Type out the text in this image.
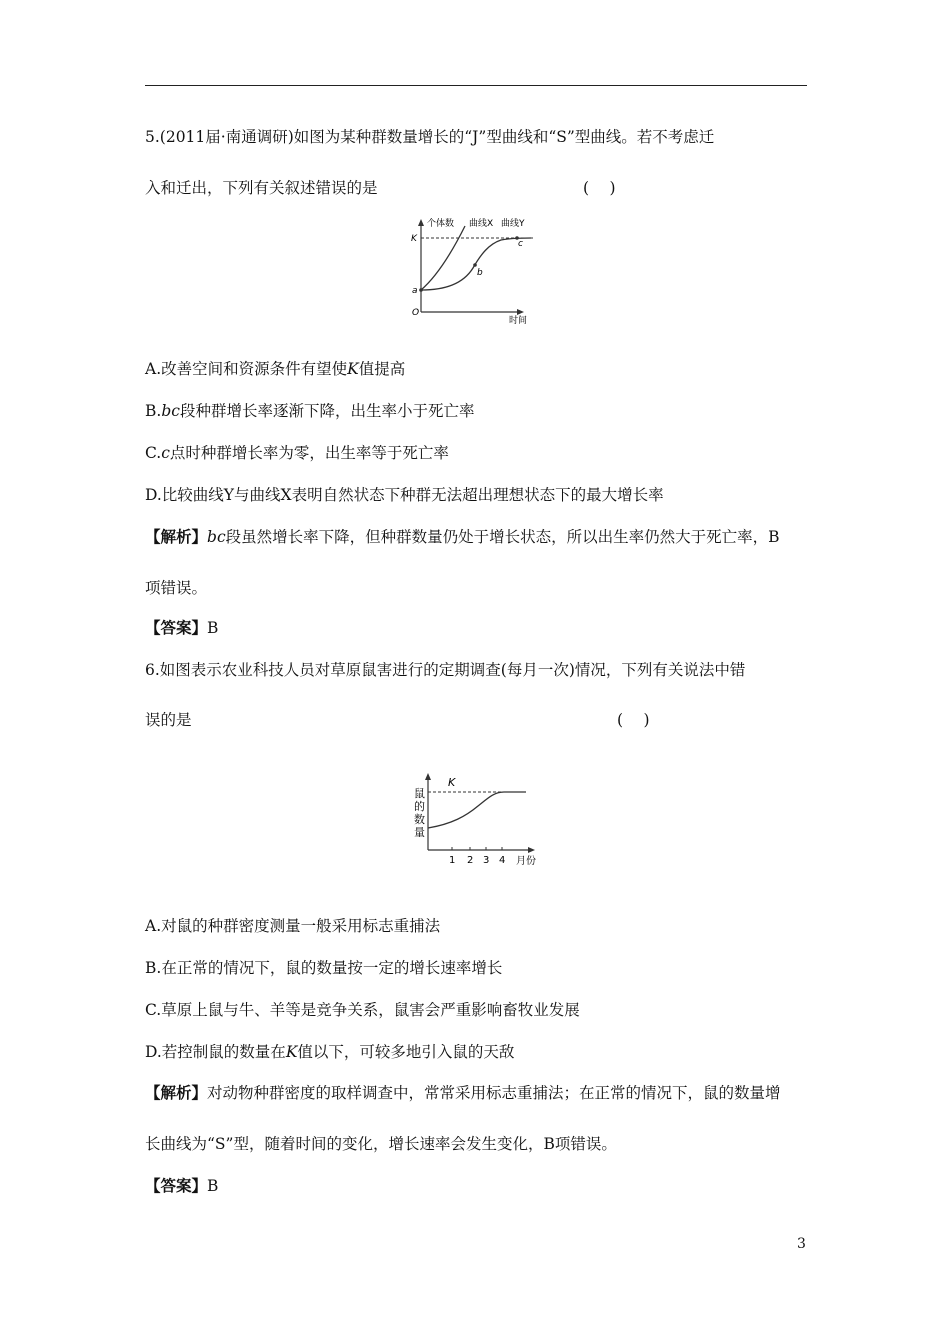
5.(2011届·南通调研)如图为某种群数量增长的“J”型曲线和“S”型曲线。若不考虑迁
入和迁出，下列有关叙述错误的是	(　 )
个体数 曲线X 曲线Y
K
a
b
c
O
时间
A.改善空间和资源条件有望使K值提高
B.bc段种群增长率逐渐下降，出生率小于死亡率
C.c点时种群增长率为零，出生率等于死亡率
D.比较曲线Y与曲线X表明自然状态下种群无法超出理想状态下的最大增长率
【解析】bc段虽然增长率下降，但种群数量仍处于增长状态，所以出生率仍然大于死亡率，B
项错误。
【答案】B
6.如图表示农业科技人员对草原鼠害进行的定期调查(每月一次)情况，下列有关说法中错
误的是	(　 )
1 2 3 4 月份
K
鼠
的
数
量
A.对鼠的种群密度测量一般采用标志重捕法
B.在正常的情况下，鼠的数量按一定的增长速率增长
C.草原上鼠与牛、羊等是竞争关系，鼠害会严重影响畜牧业发展
D.若控制鼠的数量在K值以下，可较多地引入鼠的天敌
【解析】对动物种群密度的取样调查中，常常采用标志重捕法；在正常的情况下，鼠的数量增
长曲线为“S”型，随着时间的变化，增长速率会发生变化，B项错误。
【答案】B
3
